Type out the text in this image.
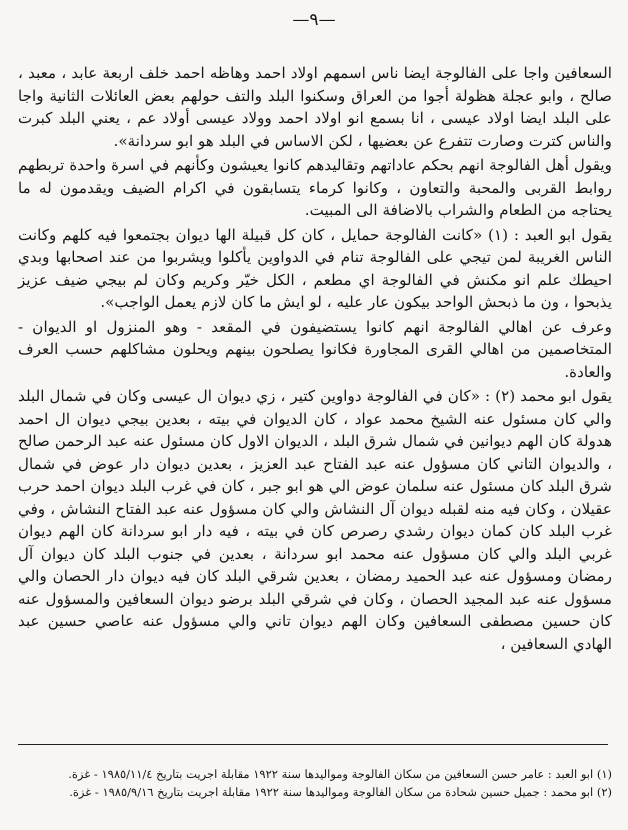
—٩—

السعافين واجا على الفالوجة ايضا ناس اسمهم اولاد احمد وهاظه احمد خلف اربعة عابد ، معبد ، صالح ، وابو عجلة هظولة أجوا من العراق وسكنوا البلد والتف حولهم بعض العائلات الثانية واجا على البلد ايضا اولاد عيسى ، انا بسمع انو اولاد احمد وولاد عيسى أولاد عم ، يعني البلد كبرت والناس كترت وصارت تتفرع عن بعضيها ، لكن الاساس في البلد هو ابو سردانة».

ويقول أهل الفالوجة انهم بحكم عاداتهم وتقاليدهم كانوا يعيشون وكأنهم في اسرة واحدة تربطهم روابط القربى والمحبة والتعاون ، وكانوا كرماء يتسابقون في اكرام الضيف ويقدمون له ما يحتاجه من الطعام والشراب بالاضافة الى المبيت.

يقول ابو العبد : (١) «كانت الفالوجة حمايل ، كان كل قبيلة الها ديوان بجتمعوا فيه كلهم وكانت الناس الغريبة لمن تيجي على الفالوجة تنام في الدواوين يأكلوا ويشربوا من عند اصحابها وبدي احيطك علم انو مكنش في الفالوجة اي مطعم ، الكل خيّر وكريم وكان لم بيجي ضيف عزيز يذبحوا ، ون ما ذبحش الواحد بيكون عار عليه ، لو ايش ما كان لازم يعمل الواجب».

وعرف عن اهالي الفالوجة انهم كانوا يستضيفون في المقعد - وهو المنزول او الديوان - المتخاصمين من اهالي القرى المجاورة فكانوا يصلحون بينهم ويحلون مشاكلهم حسب العرف والعادة.

يقول ابو محمد (٢) : «كان في الفالوجة دواوين كتير ، زي ديوان ال عيسى وكان في شمال البلد والي كان مسئول عنه الشيخ محمد عواد ، كان الديوان في بيته ، بعدين بيجي ديوان ال احمد هدولة كان الهم ديوانين في شمال شرق البلد ، الديوان الاول كان مسئول عنه عبد الرحمن صالح ، والديوان التاني كان مسؤول عنه عبد الفتاح عبد العزيز ، بعدين ديوان دار عوض في شمال شرق البلد كان مسئول عنه سلمان عوض الي هو ابو جبر ، كان في غرب البلد ديوان احمد حرب عقيلان ، وكان فيه منه لقبله ديوان آل النشاش والي كان مسؤول عنه عبد الفتاح النشاش ، وفي غرب البلد كان كمان ديوان رشدي رصرص كان في بيته ، فيه دار ابو سردانة كان الهم ديوان غربي البلد والي كان مسؤول عنه محمد ابو سردانة ، بعدين في جنوب البلد كان ديوان آل رمضان ومسؤول عنه عبد الحميد رمضان ، بعدين شرقي البلد كان فيه ديوان دار الحصان والي مسؤول عنه عبد المجيد الحصان ، وكان في شرقي البلد برضو ديوان السعافين والمسؤول عنه كان حسين مصطفى السعافين وكان الهم ديوان تاني والي مسؤول عنه عاصي حسين عبد الهادي السعافين ،

(١) ابو العبد : عامر حسن السعافين من سكان الفالوجة ومواليدها سنة ١٩٢٢ مقابلة اجريت بتاريخ ١٩٨٥/١١/٤ - غزة.
(٢) ابو محمد : جميل حسين شحادة من سكان الفالوجة ومواليدها سنة ١٩٢٢ مقابلة اجريت بتاريخ ١٩٨٥/٩/١٦ - غزة.
